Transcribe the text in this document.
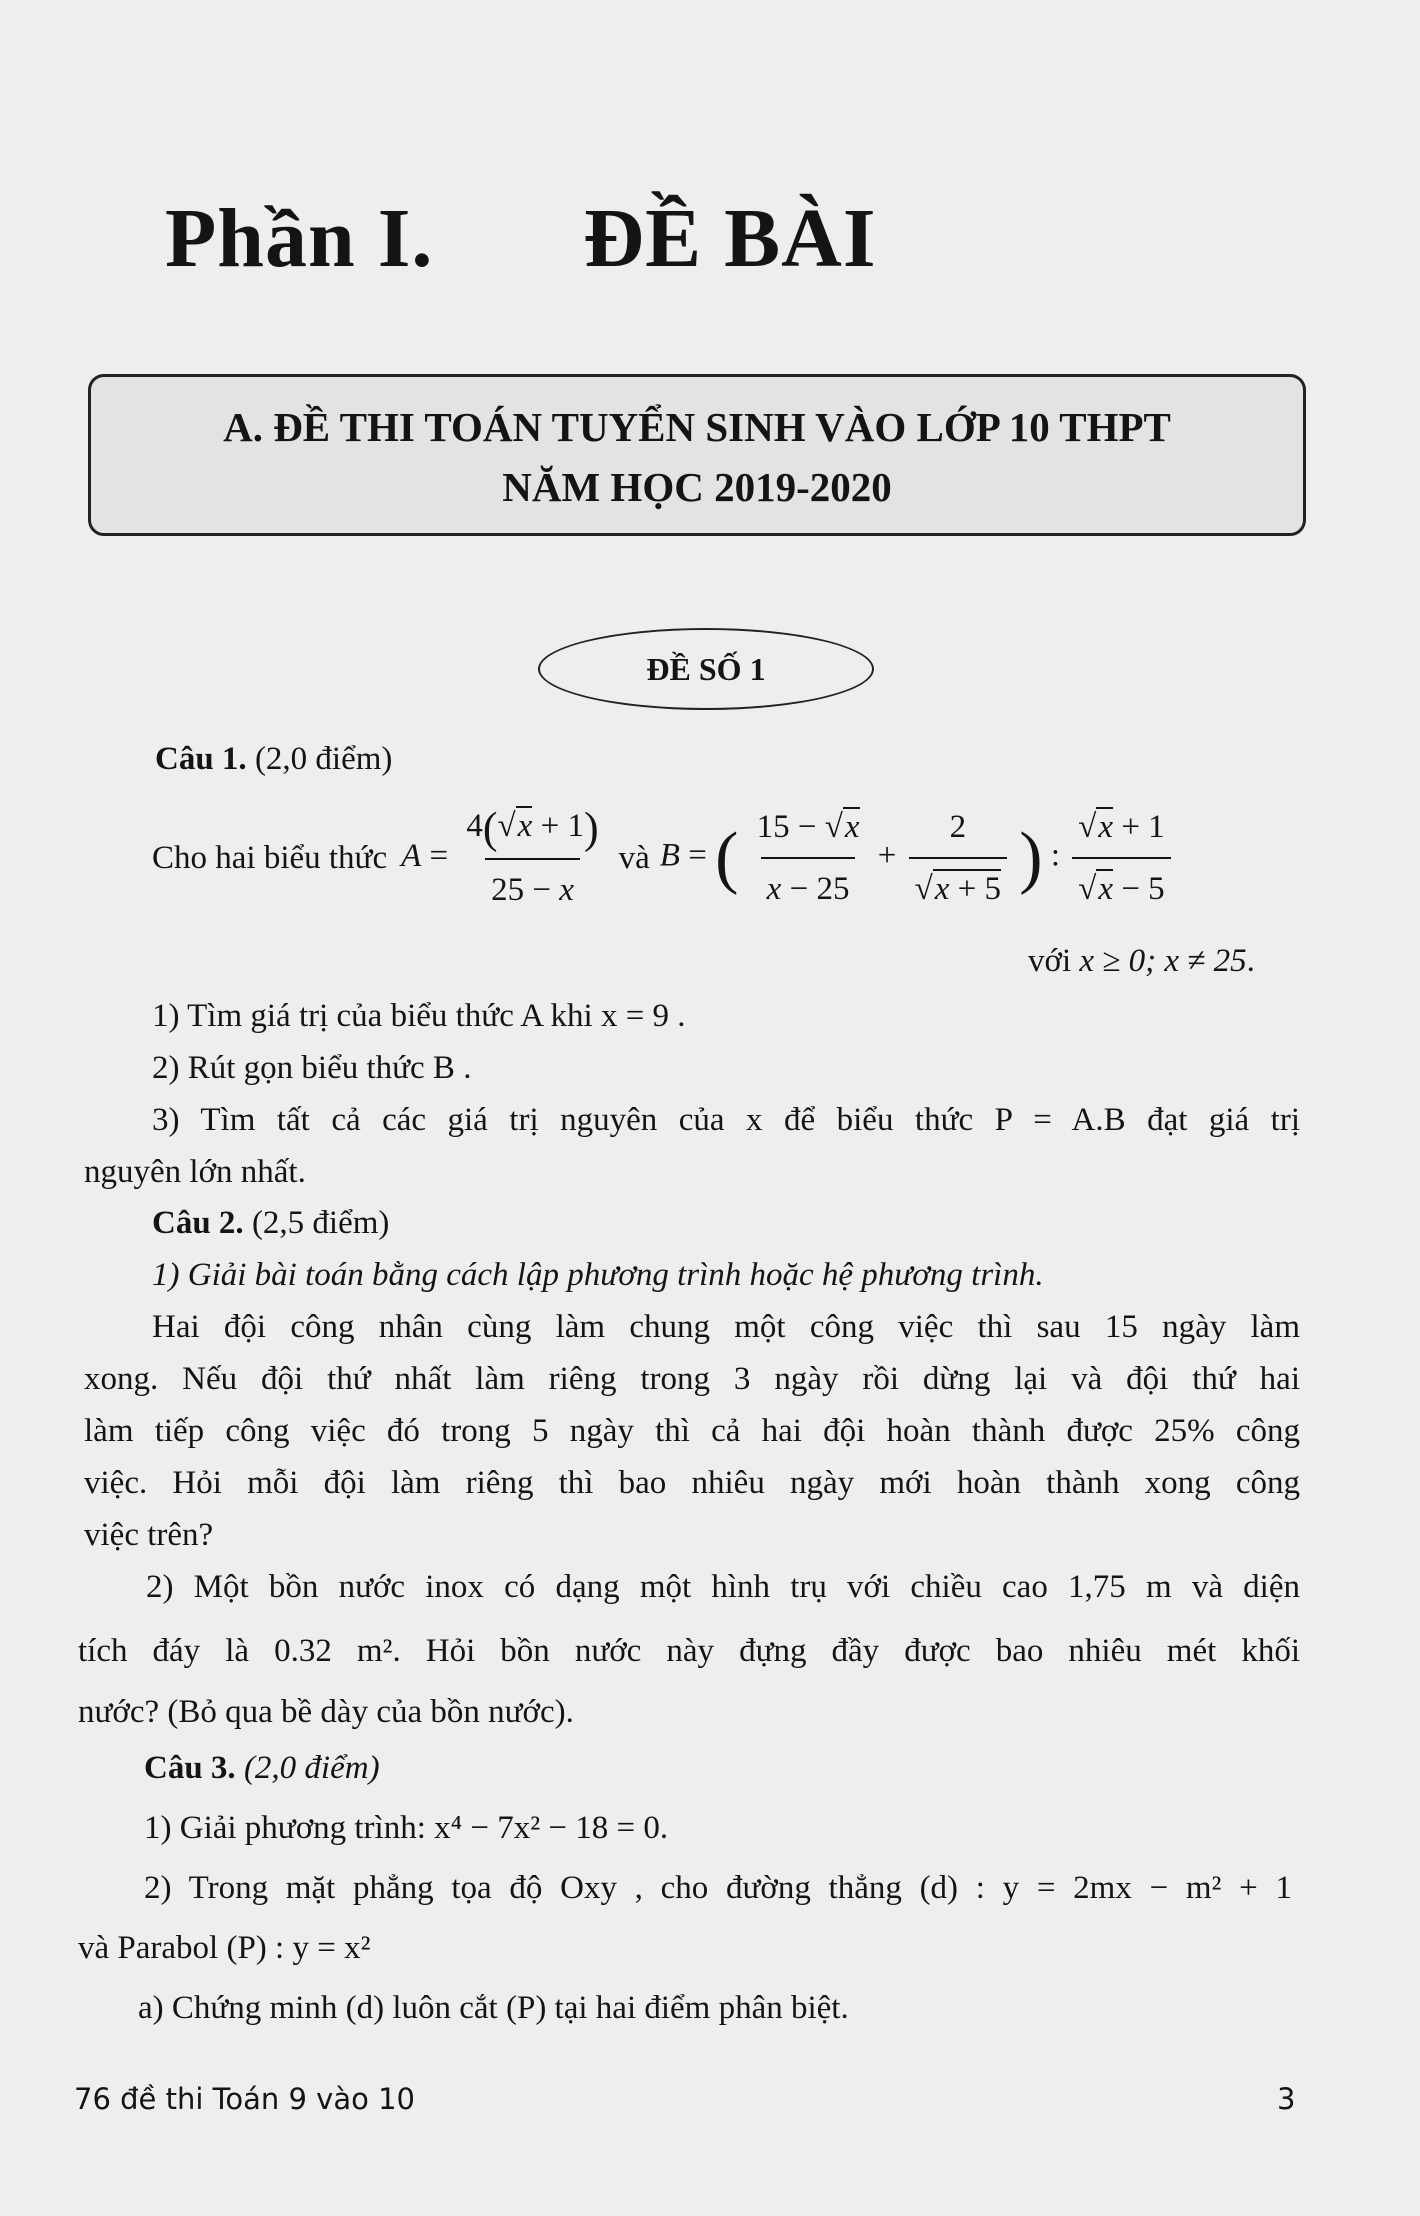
Phần I. ĐỀ BÀI
A. ĐỀ THI TOÁN TUYỂN SINH VÀO LỚP 10 THPT
NĂM HỌC 2019-2020
ĐỀ SỐ 1
Câu 1. (2,0 điểm)
Cho hai biểu thức $A = \frac{4(√x + 1)}{25 - x}$ và B = ( $\frac{15 - √x}{x - 25} + \frac{2}{√x + 5}$ ) : $\frac{√x + 1}{√x - 5}$
với x ≥ 0; x ≠ 25.
1) Tìm giá trị của biểu thức A khi x = 9 .
2) Rút gọn biểu thức B .
3) Tìm tất cả các giá trị nguyên của x để biểu thức P = A.B đạt giá trị
nguyên lớn nhất.
Câu 2. (2,5 điểm)
1) Giải bài toán bằng cách lập phương trình hoặc hệ phương trình.
Hai đội công nhân cùng làm chung một công việc thì sau 15 ngày làm
xong. Nếu đội thứ nhất làm riêng trong 3 ngày rồi dừng lại và đội thứ hai
làm tiếp công việc đó trong 5 ngày thì cả hai đội hoàn thành được 25% công
việc. Hỏi mỗi đội làm riêng thì bao nhiêu ngày mới hoàn thành xong công
việc trên?
2) Một bồn nước inox có dạng một hình trụ với chiều cao 1,75 m và diện
tích đáy là 0.32 m². Hỏi bồn nước này đựng đầy được bao nhiêu mét khối
nước? (Bỏ qua bề dày của bồn nước).
Câu 3. (2,0 điểm)
1) Giải phương trình: x⁴ − 7x² − 18 = 0.
2) Trong mặt phẳng tọa độ Oxy , cho đường thẳng (d) : y = 2mx − m² + 1
và Parabol (P) : y = x²
a) Chứng minh (d) luôn cắt (P) tại hai điểm phân biệt.
76 đề thi Toán 9 vào 10	3
